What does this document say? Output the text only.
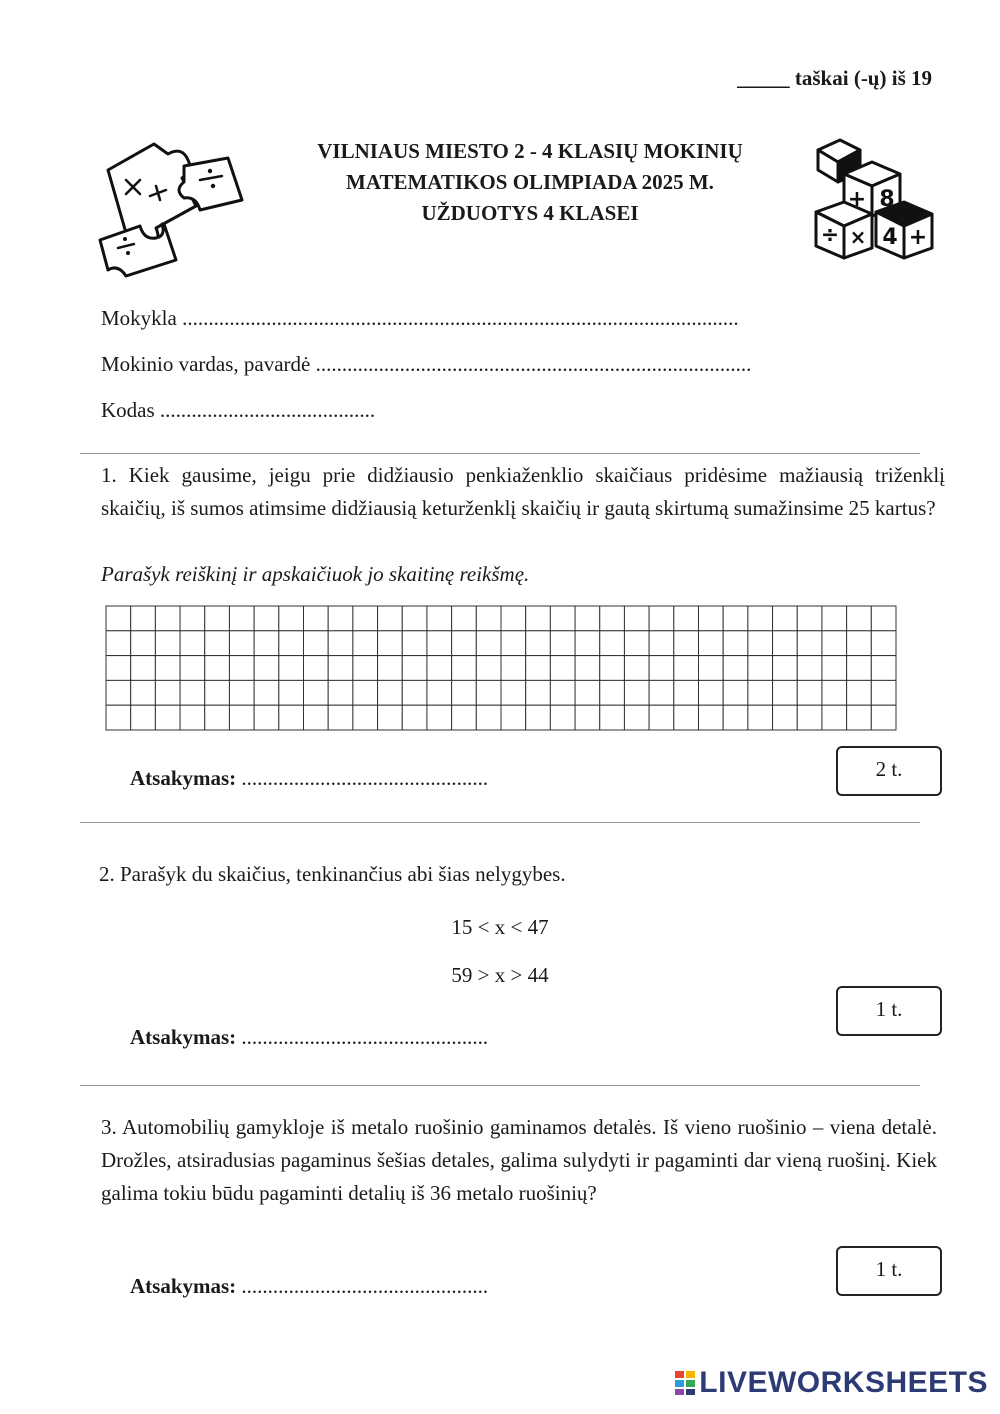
_____ taškai (-ų) iš 19
VILNIAUS MIESTO 2 - 4 KLASIŲ MOKINIŲ
MATEMATIKOS OLIMPIADA 2025 M.
UŽDUOTYS 4 KLASEI
+ 8
÷ × 4 +
Mokykla ..........................................................................................................
Mokinio vardas, pavardė ...................................................................................
Kodas .........................................
1. Kiek gausime, jeigu prie didžiausio penkiaženklio skaičiaus pridėsime mažiausią triženklį skaičių, iš sumos atimsime didžiausią keturženklį skaičių ir gautą skirtumą sumažinsime 25 kartus?
Parašyk reiškinį ir apskaičiuok jo skaitinę reikšmę.
Atsakymas: ...............................................	2 t.
2. Parašyk du skaičius, tenkinančius abi šias nelygybes.
15 < x < 47
59 > x > 44
Atsakymas: ...............................................
1 t.
3. Automobilių gamykloje iš metalo ruošinio gaminamos detalės. Iš vieno ruošinio – viena detalė. Drožles, atsiradusias pagaminus šešias detales, galima sulydyti ir pagaminti dar vieną ruošinį. Kiek galima tokiu būdu pagaminti detalių iš 36 metalo ruošinių?
Atsakymas: ...............................................
1 t.
LIVEWORKSHEETS
